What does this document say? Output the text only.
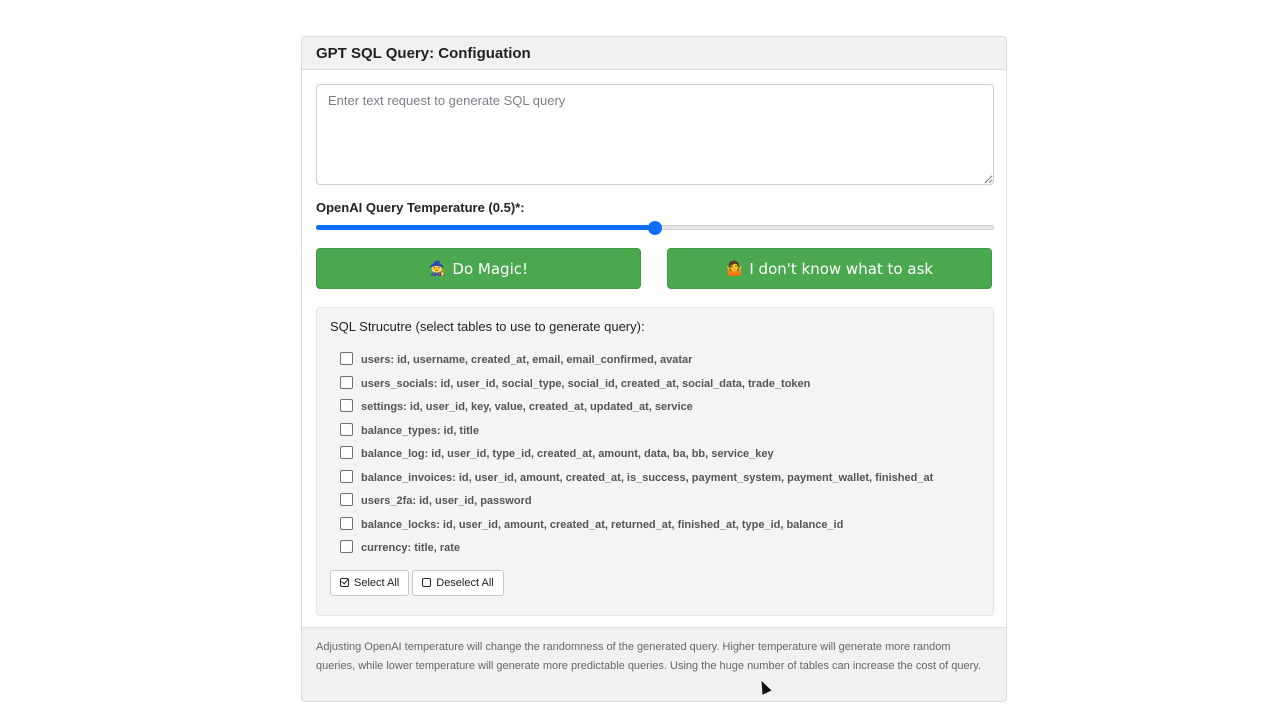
GPT SQL Query: Configuation
Enter text request to generate SQL query
OpenAI Query Temperature (0.5)*:
🧙 Do Magic!	🤷 I don't know what to ask
SQL Strucutre (select tables to use to generate query):
users: id, username, created_at, email, email_confirmed, avatar
users_socials: id, user_id, social_type, social_id, created_at, social_data, trade_token
settings: id, user_id, key, value, created_at, updated_at, service
balance_types: id, title
balance_log: id, user_id, type_id, created_at, amount, data, ba, bb, service_key
balance_invoices: id, user_id, amount, created_at, is_success, payment_system, payment_wallet, finished_at
users_2fa: id, user_id, password
balance_locks: id, user_id, amount, created_at, returned_at, finished_at, type_id, balance_id
currency: title, rate
Select All	Deselect All
Adjusting OpenAI temperature will change the randomness of the generated query. Higher temperature will generate more random queries, while lower temperature will generate more predictable queries. Using the huge number of tables can increase the cost of query.
